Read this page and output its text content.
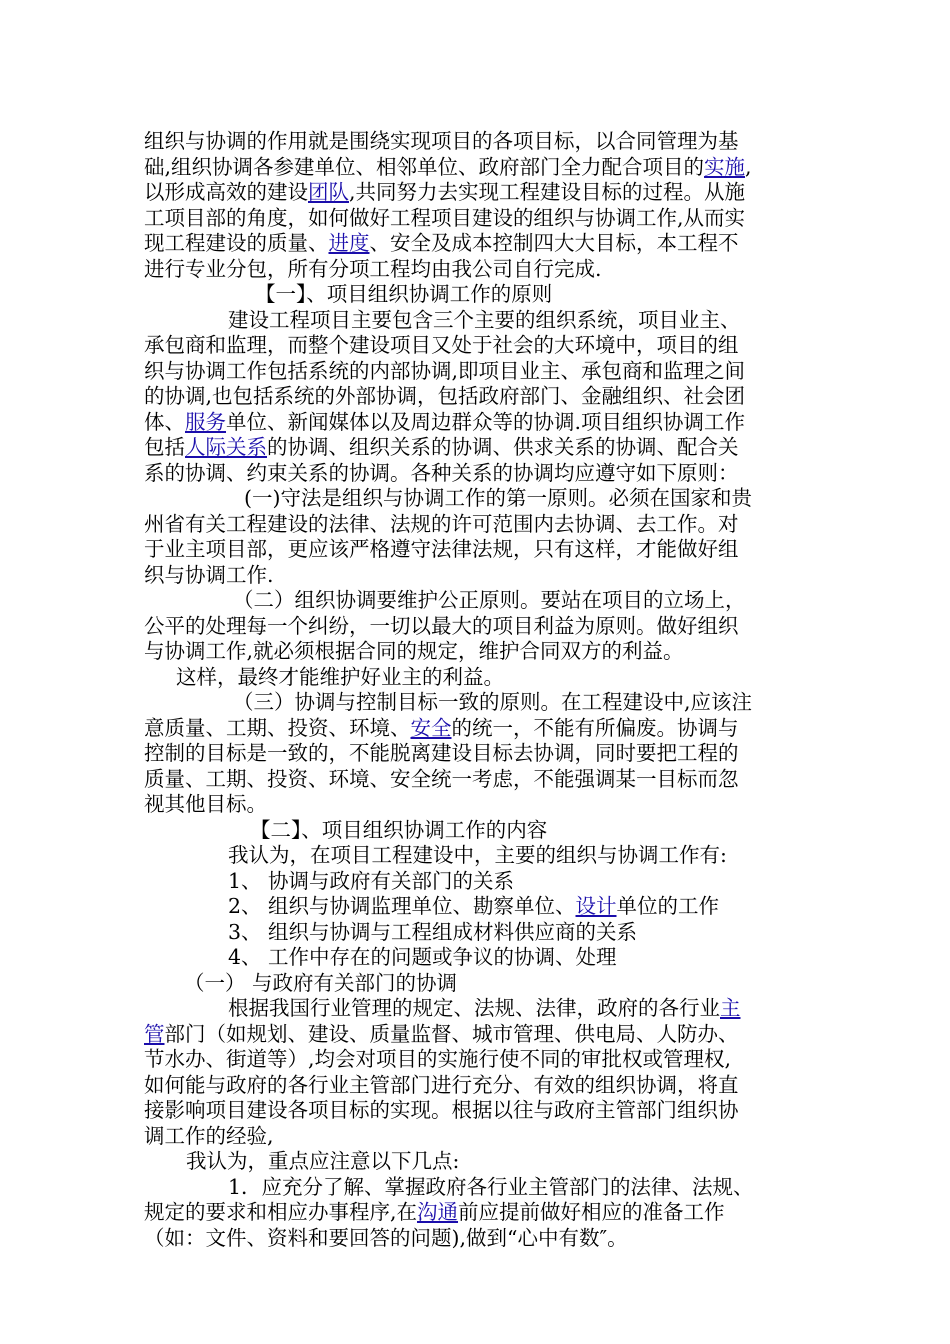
组织与协调的作用就是围绕实现项目的各项目标，以合同管理为基
础,组织协调各参建单位、相邻单位、政府部门全力配合项目的实施,
以形成高效的建设团队,共同努力去实现工程建设目标的过程。从施
工项目部的角度，如何做好工程项目建设的组织与协调工作,从而实
现工程建设的质量、进度、安全及成本控制四大大目标，本工程不
进行专业分包，所有分项工程均由我公司自行完成.
【一】、项目组织协调工作的原则
建设工程项目主要包含三个主要的组织系统，项目业主、
承包商和监理，而整个建设项目又处于社会的大环境中，项目的组
织与协调工作包括系统的内部协调,即项目业主、承包商和监理之间
的协调,也包括系统的外部协调，包括政府部门、金融组织、社会团
体、服务单位、新闻媒体以及周边群众等的协调.项目组织协调工作
包括人际关系的协调、组织关系的协调、供求关系的协调、配合关
系的协调、约束关系的协调。各种关系的协调均应遵守如下原则：
(一)守法是组织与协调工作的第一原则。必须在国家和贵
州省有关工程建设的法律、法规的许可范围内去协调、去工作。对
于业主项目部，更应该严格遵守法律法规，只有这样，才能做好组
织与协调工作.
（二）组织协调要维护公正原则。要站在项目的立场上，
公平的处理每一个纠纷，一切以最大的项目利益为原则。做好组织
与协调工作,就必须根据合同的规定，维护合同双方的利益。
这样，最终才能维护好业主的利益。
（三）协调与控制目标一致的原则。在工程建设中,应该注
意质量、工期、投资、环境、安全的统一，不能有所偏废。协调与
控制的目标是一致的，不能脱离建设目标去协调，同时要把工程的
质量、工期、投资、环境、安全统一考虑，不能强调某一目标而忽
视其他目标。
【二】、项目组织协调工作的内容
我认为，在项目工程建设中，主要的组织与协调工作有:
1、 协调与政府有关部门的关系
2、 组织与协调监理单位、勘察单位、设计单位的工作
3、 组织与协调与工程组成材料供应商的关系
4、 工作中存在的问题或争议的协调、处理
（一） 与政府有关部门的协调
根据我国行业管理的规定、法规、法律，政府的各行业主
管部门（如规划、建设、质量监督、城市管理、供电局、人防办、
节水办、街道等）,均会对项目的实施行使不同的审批权或管理权,
如何能与政府的各行业主管部门进行充分、有效的组织协调，将直
接影响项目建设各项目标的实现。根据以往与政府主管部门组织协
调工作的经验,
我认为，重点应注意以下几点:
1．应充分了解、掌握政府各行业主管部门的法律、法规、
规定的要求和相应办事程序,在沟通前应提前做好相应的准备工作
（如：文件、资料和要回答的问题),做到“心中有数″。
